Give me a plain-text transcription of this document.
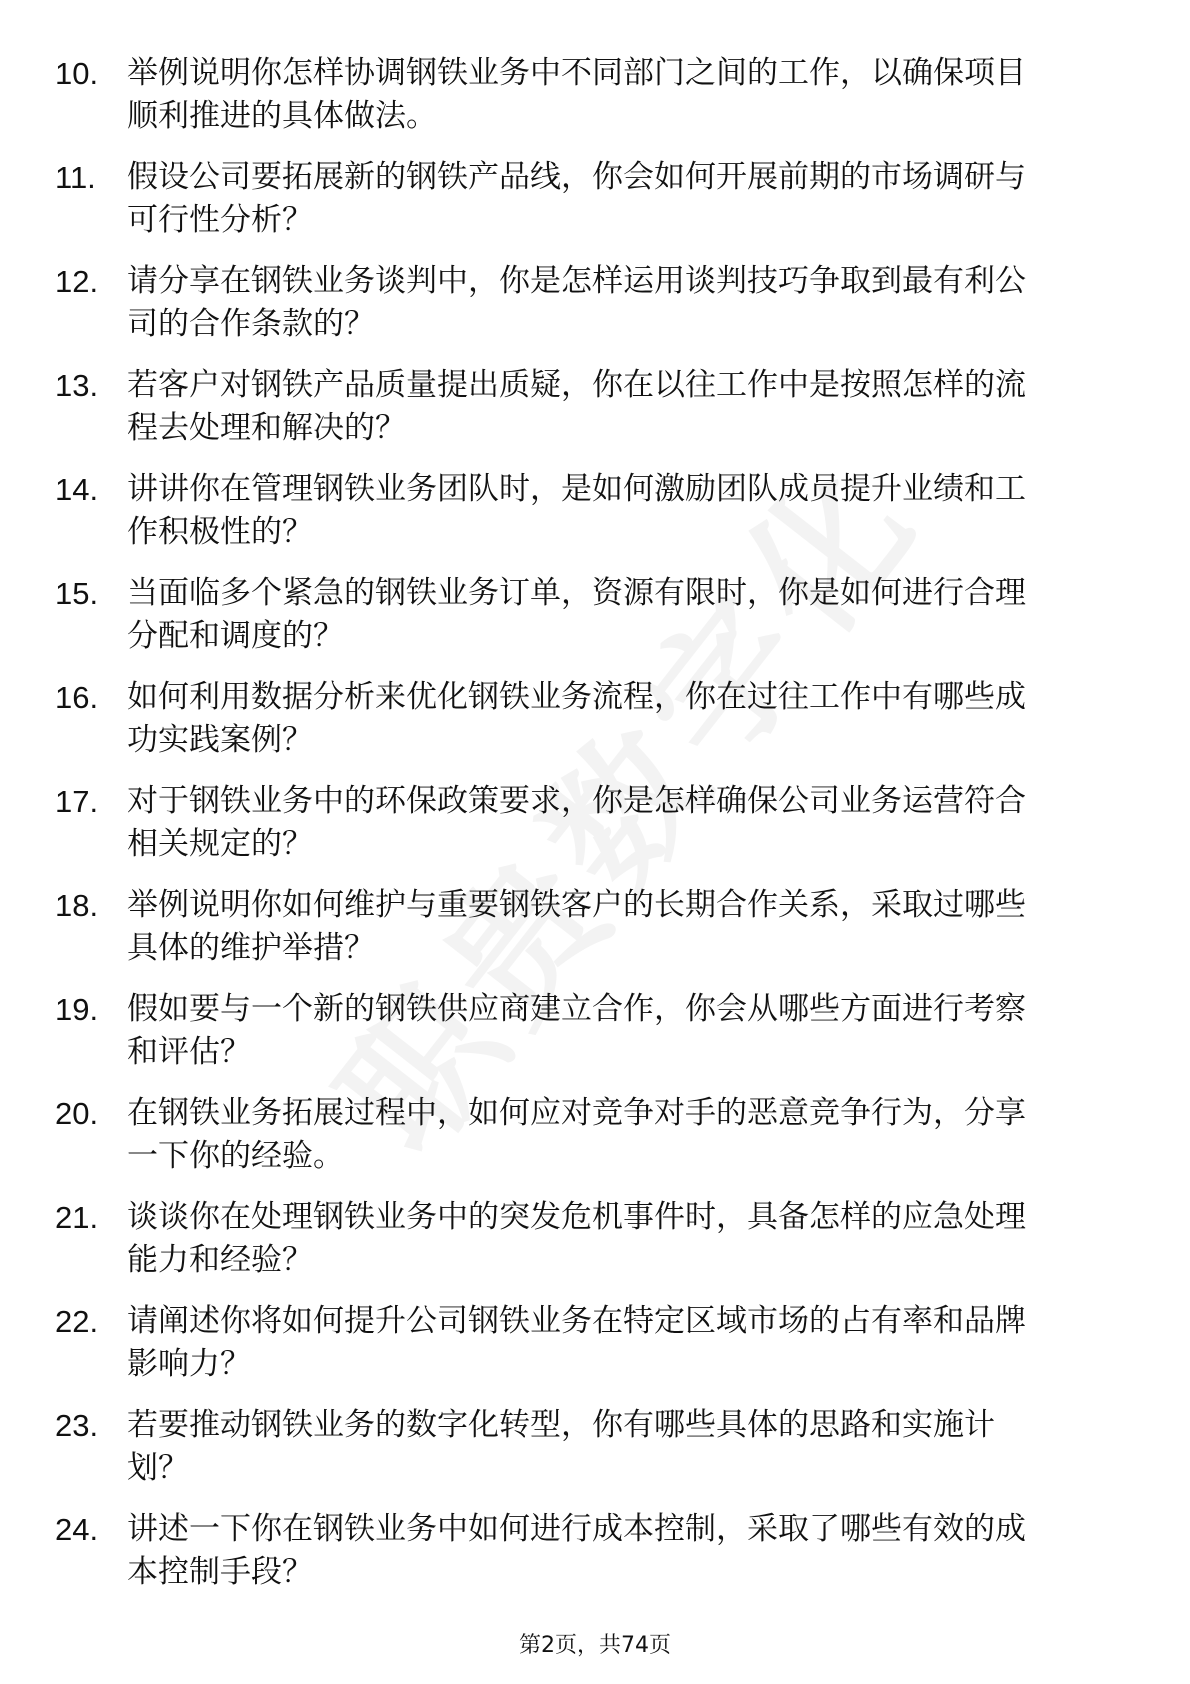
10. 举例说明你怎样协调钢铁业务中不同部门之间的工作，以确保项目顺利推进的具体做法。
11.	假设公司要拓展新的钢铁产品线，你会如何开展前期的市场调研与可行性分析？
12. 请分享在钢铁业务谈判中，你是怎样运用谈判技巧争取到最有利公司的合作条款的？
13. 若客户对钢铁产品质量提出质疑，你在以往工作中是按照怎样的流程去处理和解决的？
14. 讲讲你在管理钢铁业务团队时，是如何激励团队成员提升业绩和工作积极性的？
15. 当面临多个紧急的钢铁业务订单，资源有限时，你是如何进行合理分配和调度的？
16. 如何利用数据分析来优化钢铁业务流程，你在过往工作中有哪些成功实践案例？
17. 对于钢铁业务中的环保政策要求，你是怎样确保公司业务运营符合相关规定的？
18. 举例说明你如何维护与重要钢铁客户的长期合作关系，采取过哪些具体的维护举措？
19. 假如要与一个新的钢铁供应商建立合作，你会从哪些方面进行考察和评估？
20. 在钢铁业务拓展过程中，如何应对竞争对手的恶意竞争行为，分享一下你的经验。
21. 谈谈你在处理钢铁业务中的突发危机事件时，具备怎样的应急处理能力和经验？
22. 请阐述你将如何提升公司钢铁业务在特定区域市场的占有率和品牌影响力？
23. 若要推动钢铁业务的数字化转型，你有哪些具体的思路和实施计划？
24. 讲述一下你在钢铁业务中如何进行成本控制，采取了哪些有效的成本控制手段？
第2页，共74页
